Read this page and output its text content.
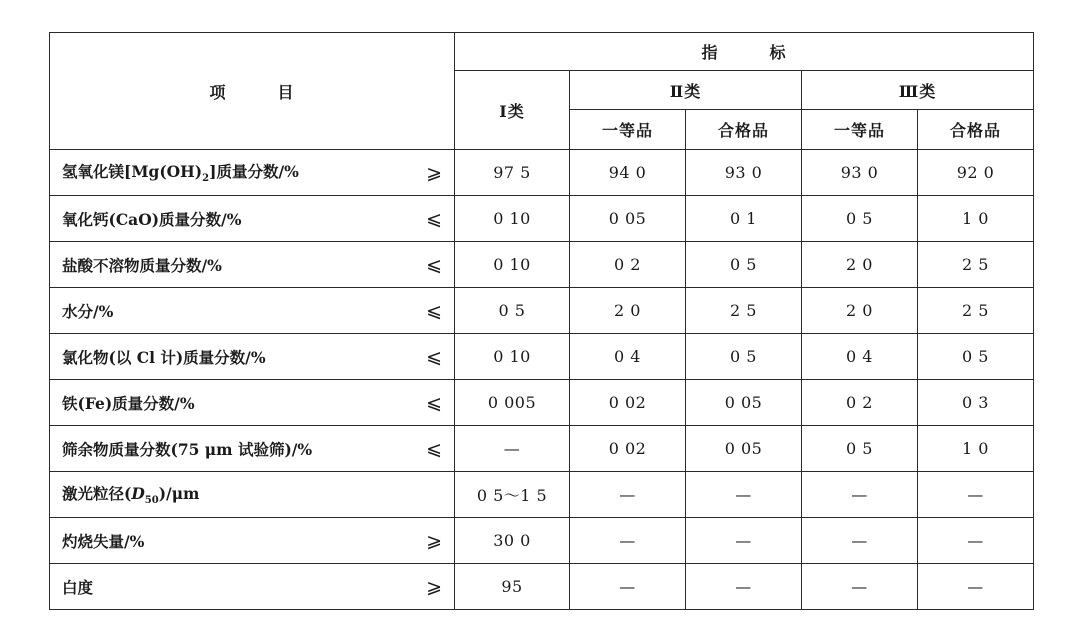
项　　　目		指　　　标				
		Ⅰ类	Ⅱ类		Ⅲ类	
			一等品	合格品	一等品	合格品
氢氧化镁$[Mg(OH)_2]$质量分数/%	⩾	97 5	94 0	93 0	93 0	92 0
氧化钙(CaO)质量分数/%	⩽	0 10	0 05	0 1	0 5	1 0
盐酸不溶物质量分数/%	⩽	0 10	0 2	0 5	2 0	2 5
水分/%	⩽	0 5	2 0	2 5	2 0	2 5
氯化物(以 Cl 计)质量分数/%	⩽	0 10	0 4	0 5	0 4	0 5
铁(Fe)质量分数/%	⩽	0 005	0 02	0 05	0 2	0 3
筛余物质量分数(75 μm 试验筛)/%	⩽	—	0 02	0 05	0 5	1 0
激光粒径$(D_{50})/\mu m$		0 5～1 5	—	—	—	—
灼烧失量/%	⩾	30 0	—	—	—	—
白度	⩾	95	—	—	—	—
